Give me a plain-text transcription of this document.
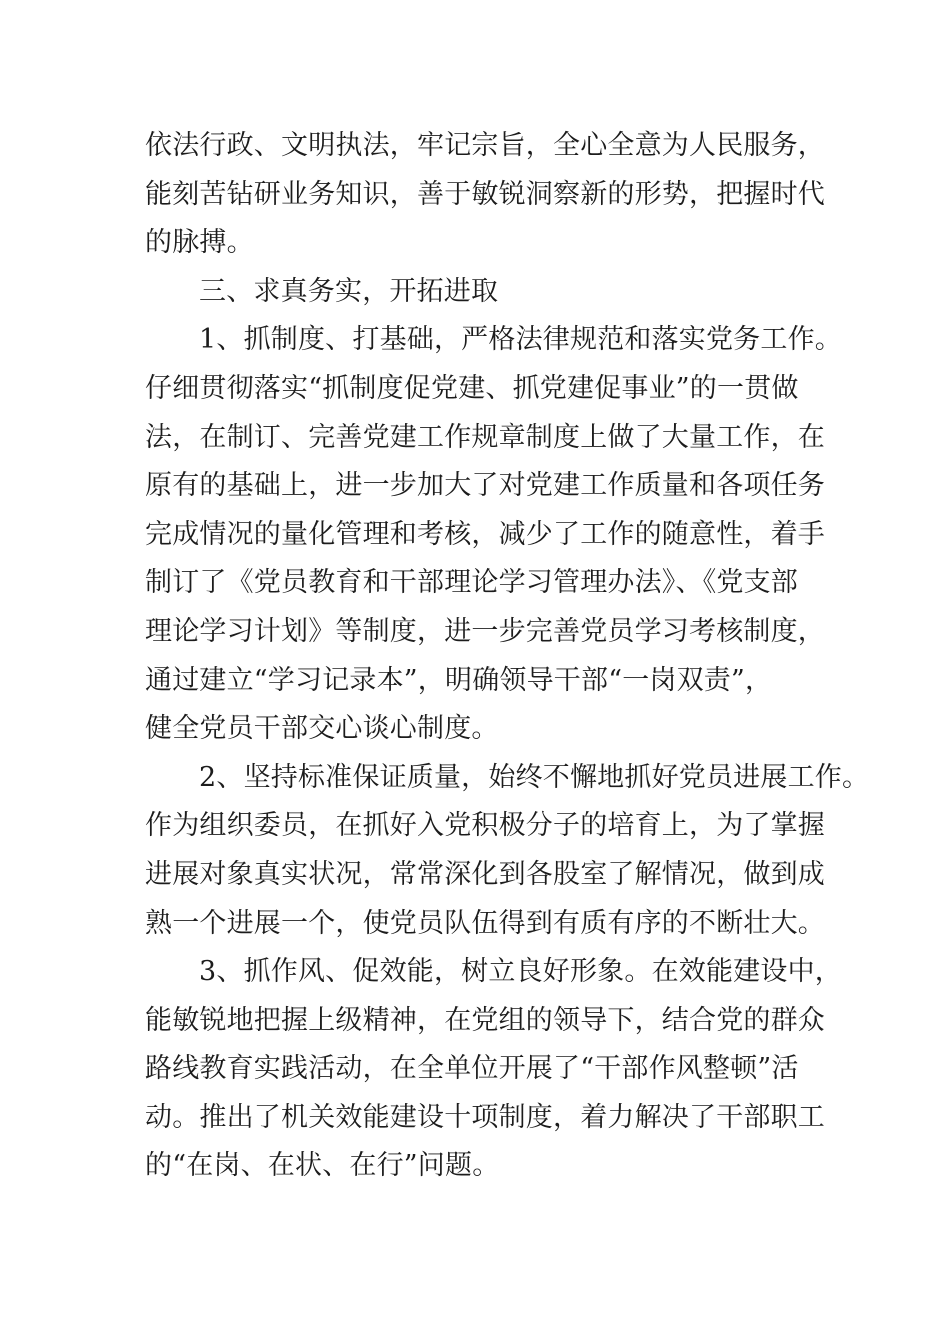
依法行政、文明执法，牢记宗旨，全心全意为人民服务，
能刻苦钻研业务知识，善于敏锐洞察新的形势，把握时代
的脉搏。
三、求真务实，开拓进取
1、抓制度、打基础，严格法律规范和落实党务工作。
仔细贯彻落实“抓制度促党建、抓党建促事业”的一贯做
法，在制订、完善党建工作规章制度上做了大量工作，在
原有的基础上，进一步加大了对党建工作质量和各项任务
完成情况的量化管理和考核，减少了工作的随意性，着手
制订了《党员教育和干部理论学习管理办法》、《党支部
理论学习计划》等制度，进一步完善党员学习考核制度，
通过建立“学习记录本”，明确领导干部“一岗双责”，
健全党员干部交心谈心制度。
2、坚持标准保证质量，始终不懈地抓好党员进展工作。
作为组织委员，在抓好入党积极分子的培育上，为了掌握
进展对象真实状况，常常深化到各股室了解情况，做到成
熟一个进展一个，使党员队伍得到有质有序的不断壮大。
3、抓作风、促效能，树立良好形象。在效能建设中，
能敏锐地把握上级精神，在党组的领导下，结合党的群众
路线教育实践活动，在全单位开展了“干部作风整顿”活
动。推出了机关效能建设十项制度，着力解决了干部职工
的“在岗、在状、在行”问题。
